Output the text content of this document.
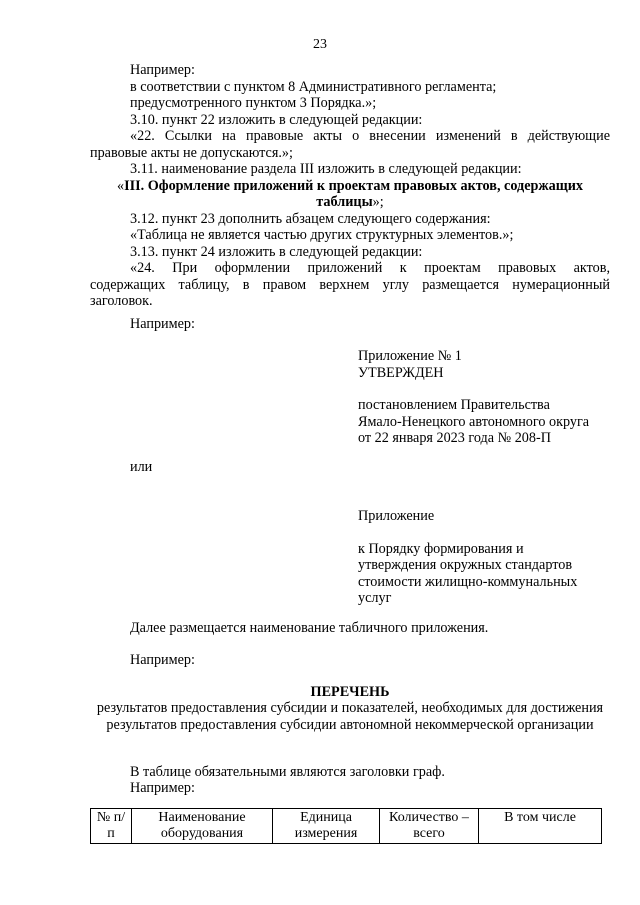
23

Например:

в соответствии с пунктом 8 Административного регламента;

предусмотренного пунктом 3 Порядка.»;

3.10. пункт 22 изложить в следующей редакции:

«22. Ссылки на правовые акты о внесении изменений в действующие правовые акты не допускаются.»;

3.11. наименование раздела III изложить в следующей редакции:

«III. Оформление приложений к проектам правовых актов, содержащих таблицы»;

3.12. пункт 23 дополнить абзацем следующего содержания:

«Таблица не является частью других структурных элементов.»;

3.13. пункт 24 изложить в следующей редакции:

«24. При оформлении приложений к проектам правовых актов, содержащих таблицу, в правом верхнем углу размещается нумерационный заголовок.

Например:

Приложение № 1

УТВЕРЖДЕН

постановлением Правительства

Ямало-Ненецкого автономного округа

от 22 января 2023 года № 208-П

или

Приложение

к Порядку формирования и

утверждения окружных стандартов

стоимости жилищно-коммунальных

услуг

Далее размещается наименование табличного приложения.
Например:
ПЕРЕЧЕНЬ
результатов предоставления субсидии и показателей, необходимых для достижения результатов предоставления субсидии автономной некоммерческой организации
В таблице обязательными являются заголовки граф.
Например:
№ п/п	Наименование оборудования	Единица измерения	Количество – всего	В том числе
